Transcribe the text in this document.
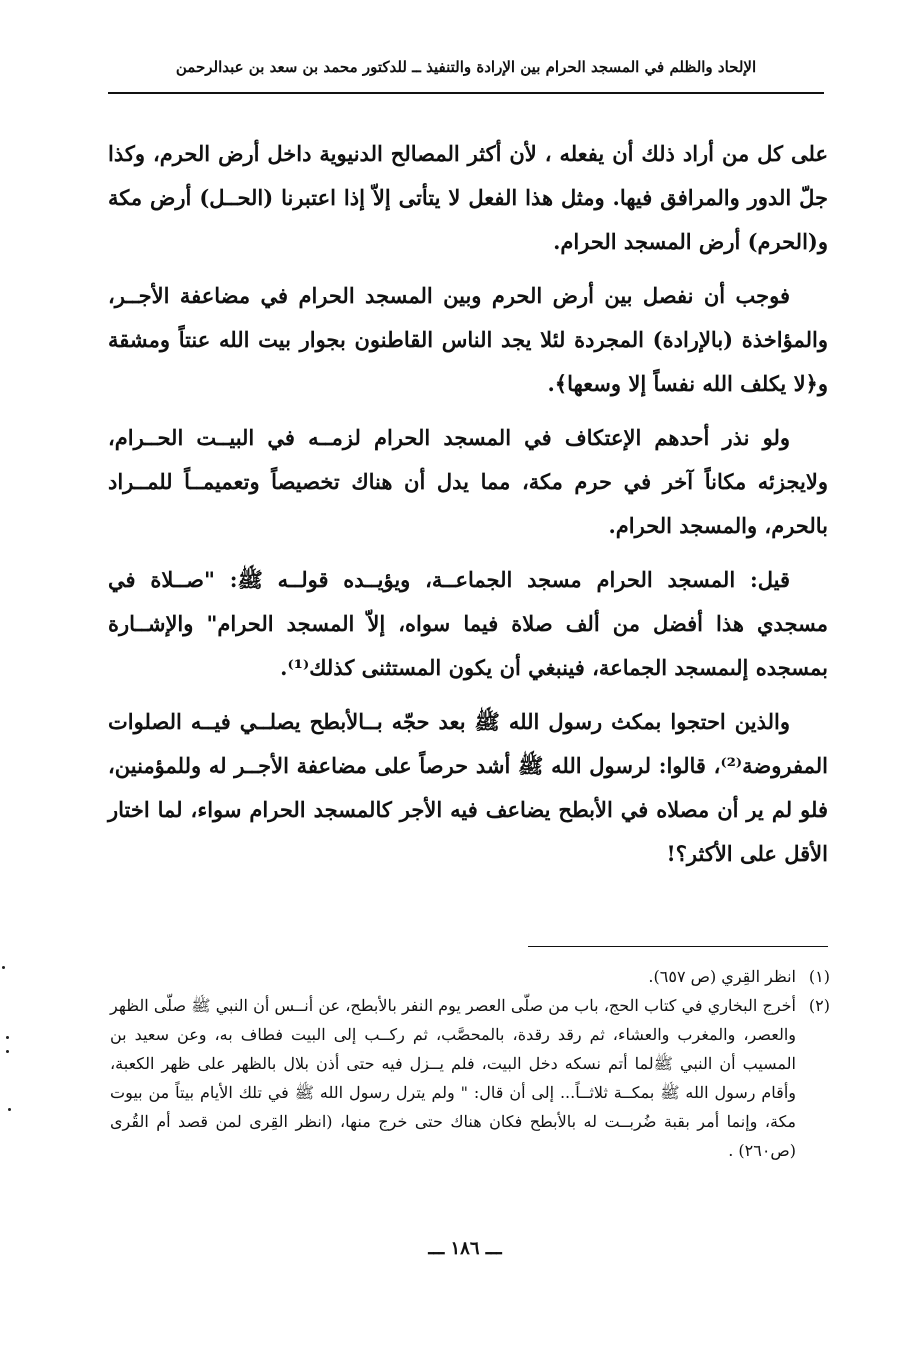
الإلحاد والظلم في المسجد الحرام بين الإرادة والتنفيذ ــ للدكتور محمد بن سعد بن عبدالرحمن

على كل من أراد ذلك أن يفعله ، لأن أكثر المصالح الدنيوية داخل أرض الحرم، وكذا جلّ الدور والمرافق فيها. ومثل هذا الفعل لا يتأتى إلاّ إذا اعتبرنا (الحــل) أرض مكة و(الحرم) أرض المسجد الحرام.

فوجب أن نفصل بين أرض الحرم وبين المسجد الحرام في مضاعفة الأجــر، والمؤاخذة (بالإرادة) المجردة لئلا يجد الناس القاطنون بجوار بيت الله عنتاً ومشقة و﴿لا يكلف الله نفساً إلا وسعها﴾.

ولو نذر أحدهم الإعتكاف في المسجد الحرام لزمــه في البيــت الحــرام، ولايجزئه مكاناً آخر في حرم مكة، مما يدل أن هناك تخصيصاً وتعميمــاً للمــراد بالحرم، والمسجد الحرام.

قيل: المسجد الحرام مسجد الجماعــة، ويؤيــده قولــه ﷺ: "صــلاة في مسجدي هذا أفضل من ألف صلاة فيما سواه، إلاّ المسجد الحرام" والإشــارة بمسجده إلىمسجد الجماعة، فينبغي أن يكون المستثنى كذلك⁽¹⁾.

والذين احتجوا بمكث رسول الله ﷺ بعد حجّه بــالأبطح يصلــي فيــه الصلوات المفروضة⁽²⁾، قالوا: لرسول الله ﷺ أشد حرصاً على مضاعفة الأجــر له وللمؤمنين، فلو لم ير أن مصلاه في الأبطح يضاعف فيه الأجر كالمسجد الحرام سواء، لما اختار الأقل على الأكثر؟!

(١)
انظر القِري (ص ٦٥٧).
(٢)
أخرج البخاري في كتاب الحج، باب من صلّى العصر يوم النفر بالأبطح، عن أنــس أن النبي ﷺ صلّى الظهر والعصر، والمغرب والعشاء، ثم رقد رقدة، بالمحصَّب، ثم ركــب إلى البيت فطاف به، وعن سعيد بن المسيب أن النبي ﷺلما أتم نسكه دخل البيت، فلم يــزل فيه حتى أذن بلال بالظهر على ظهر الكعبة، وأقام رسول الله ﷺ بمكــة ثلاثــاً... إلى أن قال: " ولم يترل رسول الله ﷺ في تلك الأيام بيتاً من بيوت مكة، وإنما أمر بقبة ضُربــت له بالأبطح فكان هناك حتى خرج منها، (انظر القِرى لمن قصد أم القُرى (ص٢٦٠) .
ـــ ١٨٦ ـــ
